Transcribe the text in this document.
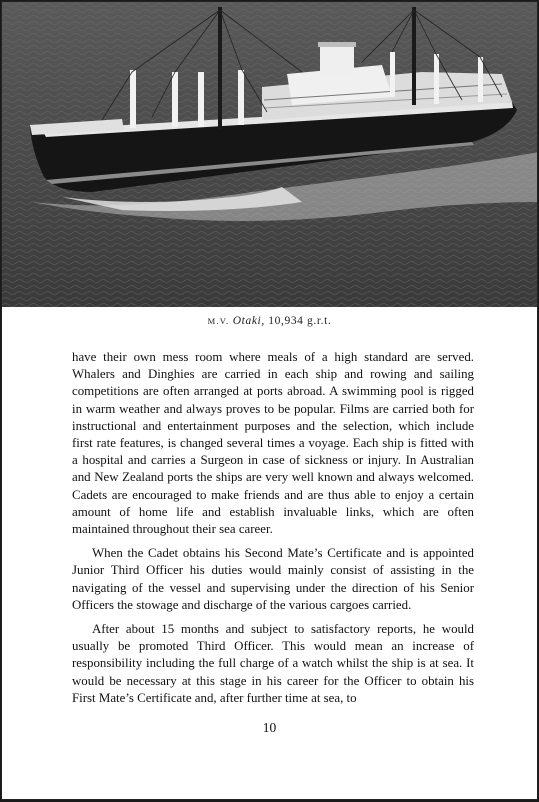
M.V. Otaki, 10,934 g.r.t.

have their own mess room where meals of a high standard are served. Whalers and Dinghies are carried in each ship and rowing and sailing competitions are often arranged at ports abroad. A swimming pool is rigged in warm weather and always proves to be popular. Films are carried both for instructional and entertainment purposes and the selection, which include first rate features, is changed several times a voyage. Each ship is fitted with a hospital and carries a Surgeon in case of sickness or injury. In Australian and New Zealand ports the ships are very well known and always welcomed. Cadets are encouraged to make friends and are thus able to enjoy a certain amount of home life and establish invaluable links, which are often maintained throughout their sea career.

When the Cadet obtains his Second Mate’s Certificate and is appointed Junior Third Officer his duties would mainly consist of assisting in the navigating of the vessel and supervising under the direction of his Senior Officers the stowage and discharge of the various cargoes carried.

After about 15 months and subject to satisfactory reports, he would usually be promoted Third Officer. This would mean an increase of responsibility including the full charge of a watch whilst the ship is at sea. It would be necessary at this stage in his career for the Officer to obtain his First Mate’s Certificate and, after further time at sea, to

10
